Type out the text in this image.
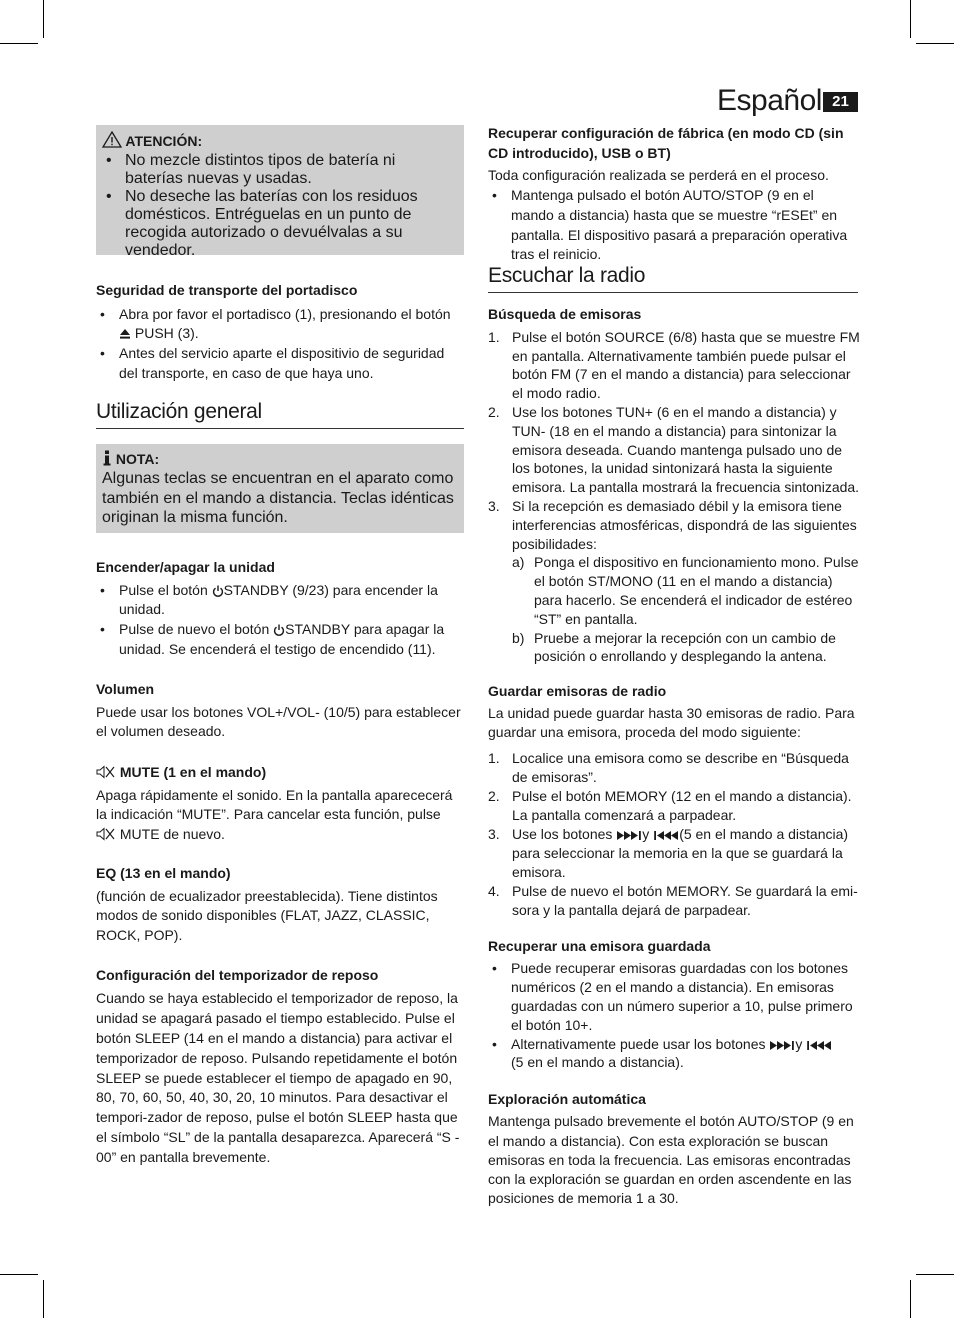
Español 21
ATENCIÓN:
• No mezcle distintos tipos de batería ni baterías nuevas y usadas.
• No deseche las baterías con los residuos domésticos. Entréguelas en un punto de recogida autorizado o devuélvalas a su vendedor.
Seguridad de transporte del portadisco
• Abra por favor el portadisco (1), presionando el botón
PUSH (3).
• Antes del servicio aparte el dispositivio de seguridad del transporte, en caso de que haya uno.
Utilización general
NOTA:

Algunas teclas se encuentran en el aparato como también en el mando a distancia. Teclas idénticas originan la misma función.

Encender/apagar la unidad
• Pulse el botón STANDBY (9/23) para encender la unidad.
• Pulse de nuevo el botón STANDBY para apagar la unidad. Se encenderá el testigo de encendido (11).
Volumen

Puede usar los botones VOL+/VOL- (10/5) para establecer el volumen deseado.

MUTE (1 en el mando)

Apaga rápidamente el sonido. En la pantalla aparececerá la indicación “MUTE”. Para cancelar esta función, pulse

MUTE de nuevo.

EQ (13 en el mando)

(función de ecualizador preestablecida). Tiene distintos modos de sonido disponibles (FLAT, JAZZ, CLASSIC, ROCK, POP).

Configuración del temporizador de reposo

Cuando se haya establecido el temporizador de reposo, la unidad se apagará pasado el tiempo establecido. Pulse el botón SLEEP (14 en el mando a distancia) para activar el temporizador de reposo. Pulsando repetidamente el botón SLEEP se puede establecer el tiempo de apagado en 90, 80, 70, 60, 50, 40, 30, 20, 10 minutos. Para desactivar el tempori-zador de reposo, pulse el botón SLEEP hasta que el símbolo “SL” de la pantalla desaparezca. Aparecerá “S - 00” en pantalla brevemente.

Recuperar configuración de fábrica (en modo CD (sin CD introducido), USB o BT)

Toda configuración realizada se perderá en el proceso.

• Mantenga pulsado el botón AUTO/STOP (9 en el mando a distancia) hasta que se muestre “rESEt” en pantalla. El dispositivo pasará a preparación operativa tras el reinicio.
Escuchar la radio
Búsqueda de emisoras
1. Pulse el botón SOURCE (6/8) hasta que se muestre FM en pantalla. Alternativamente también puede pulsar el botón FM (7 en el mando a distancia) para seleccionar el modo radio.
2. Use los botones TUN+ (6 en el mando a distancia) y TUN- (18 en el mando a distancia) para sintonizar la emisora deseada. Cuando mantenga pulsado uno de los botones, la unidad sintonizará hasta la siguiente emisora. La pantalla mostrará la frecuencia sintonizada.
3. Si la recepción es demasiado débil y la emisora tiene interferencias atmosféricas, dispondrá de las siguientes posibilidades:
a) Ponga el dispositivo en funcionamiento mono. Pulse el botón ST/MONO (11 en el mando a distancia) para hacerlo. Se encenderá el indicador de estéreo “ST” en pantalla.
b) Pruebe a mejorar la recepción con un cambio de posición o enrollando y desplegando la antena.
Guardar emisoras de radio

La unidad puede guardar hasta 30 emisoras de radio. Para guardar una emisora, proceda del modo siguiente:

1. Localice una emisora como se describe en “Búsqueda de emisoras”.
2. Pulse el botón MEMORY (12 en el mando a distancia). La pantalla comenzará a parpadear.
3. Use los botones y (5 en el mando a distancia) para seleccionar la memoria en la que se guardará la emisora.
4. Pulse de nuevo el botón MEMORY. Se guardará la emi-sora y la pantalla dejará de parpadear.
Recuperar una emisora guardada
• Puede recuperar emisoras guardadas con los botones numéricos (2 en el mando a distancia). En emisoras guardadas con un número superior a 10, pulse primero el botón 10+.
• Alternativamente puede usar los botones y
(5 en el mando a distancia).
Exploración automática

Mantenga pulsado brevemente el botón AUTO/STOP (9 en el mando a distancia). Con esta exploración se buscan emisoras en toda la frecuencia. Las emisoras encontradas con la exploración se guardan en orden ascendente en las posiciones de memoria 1 a 30.
